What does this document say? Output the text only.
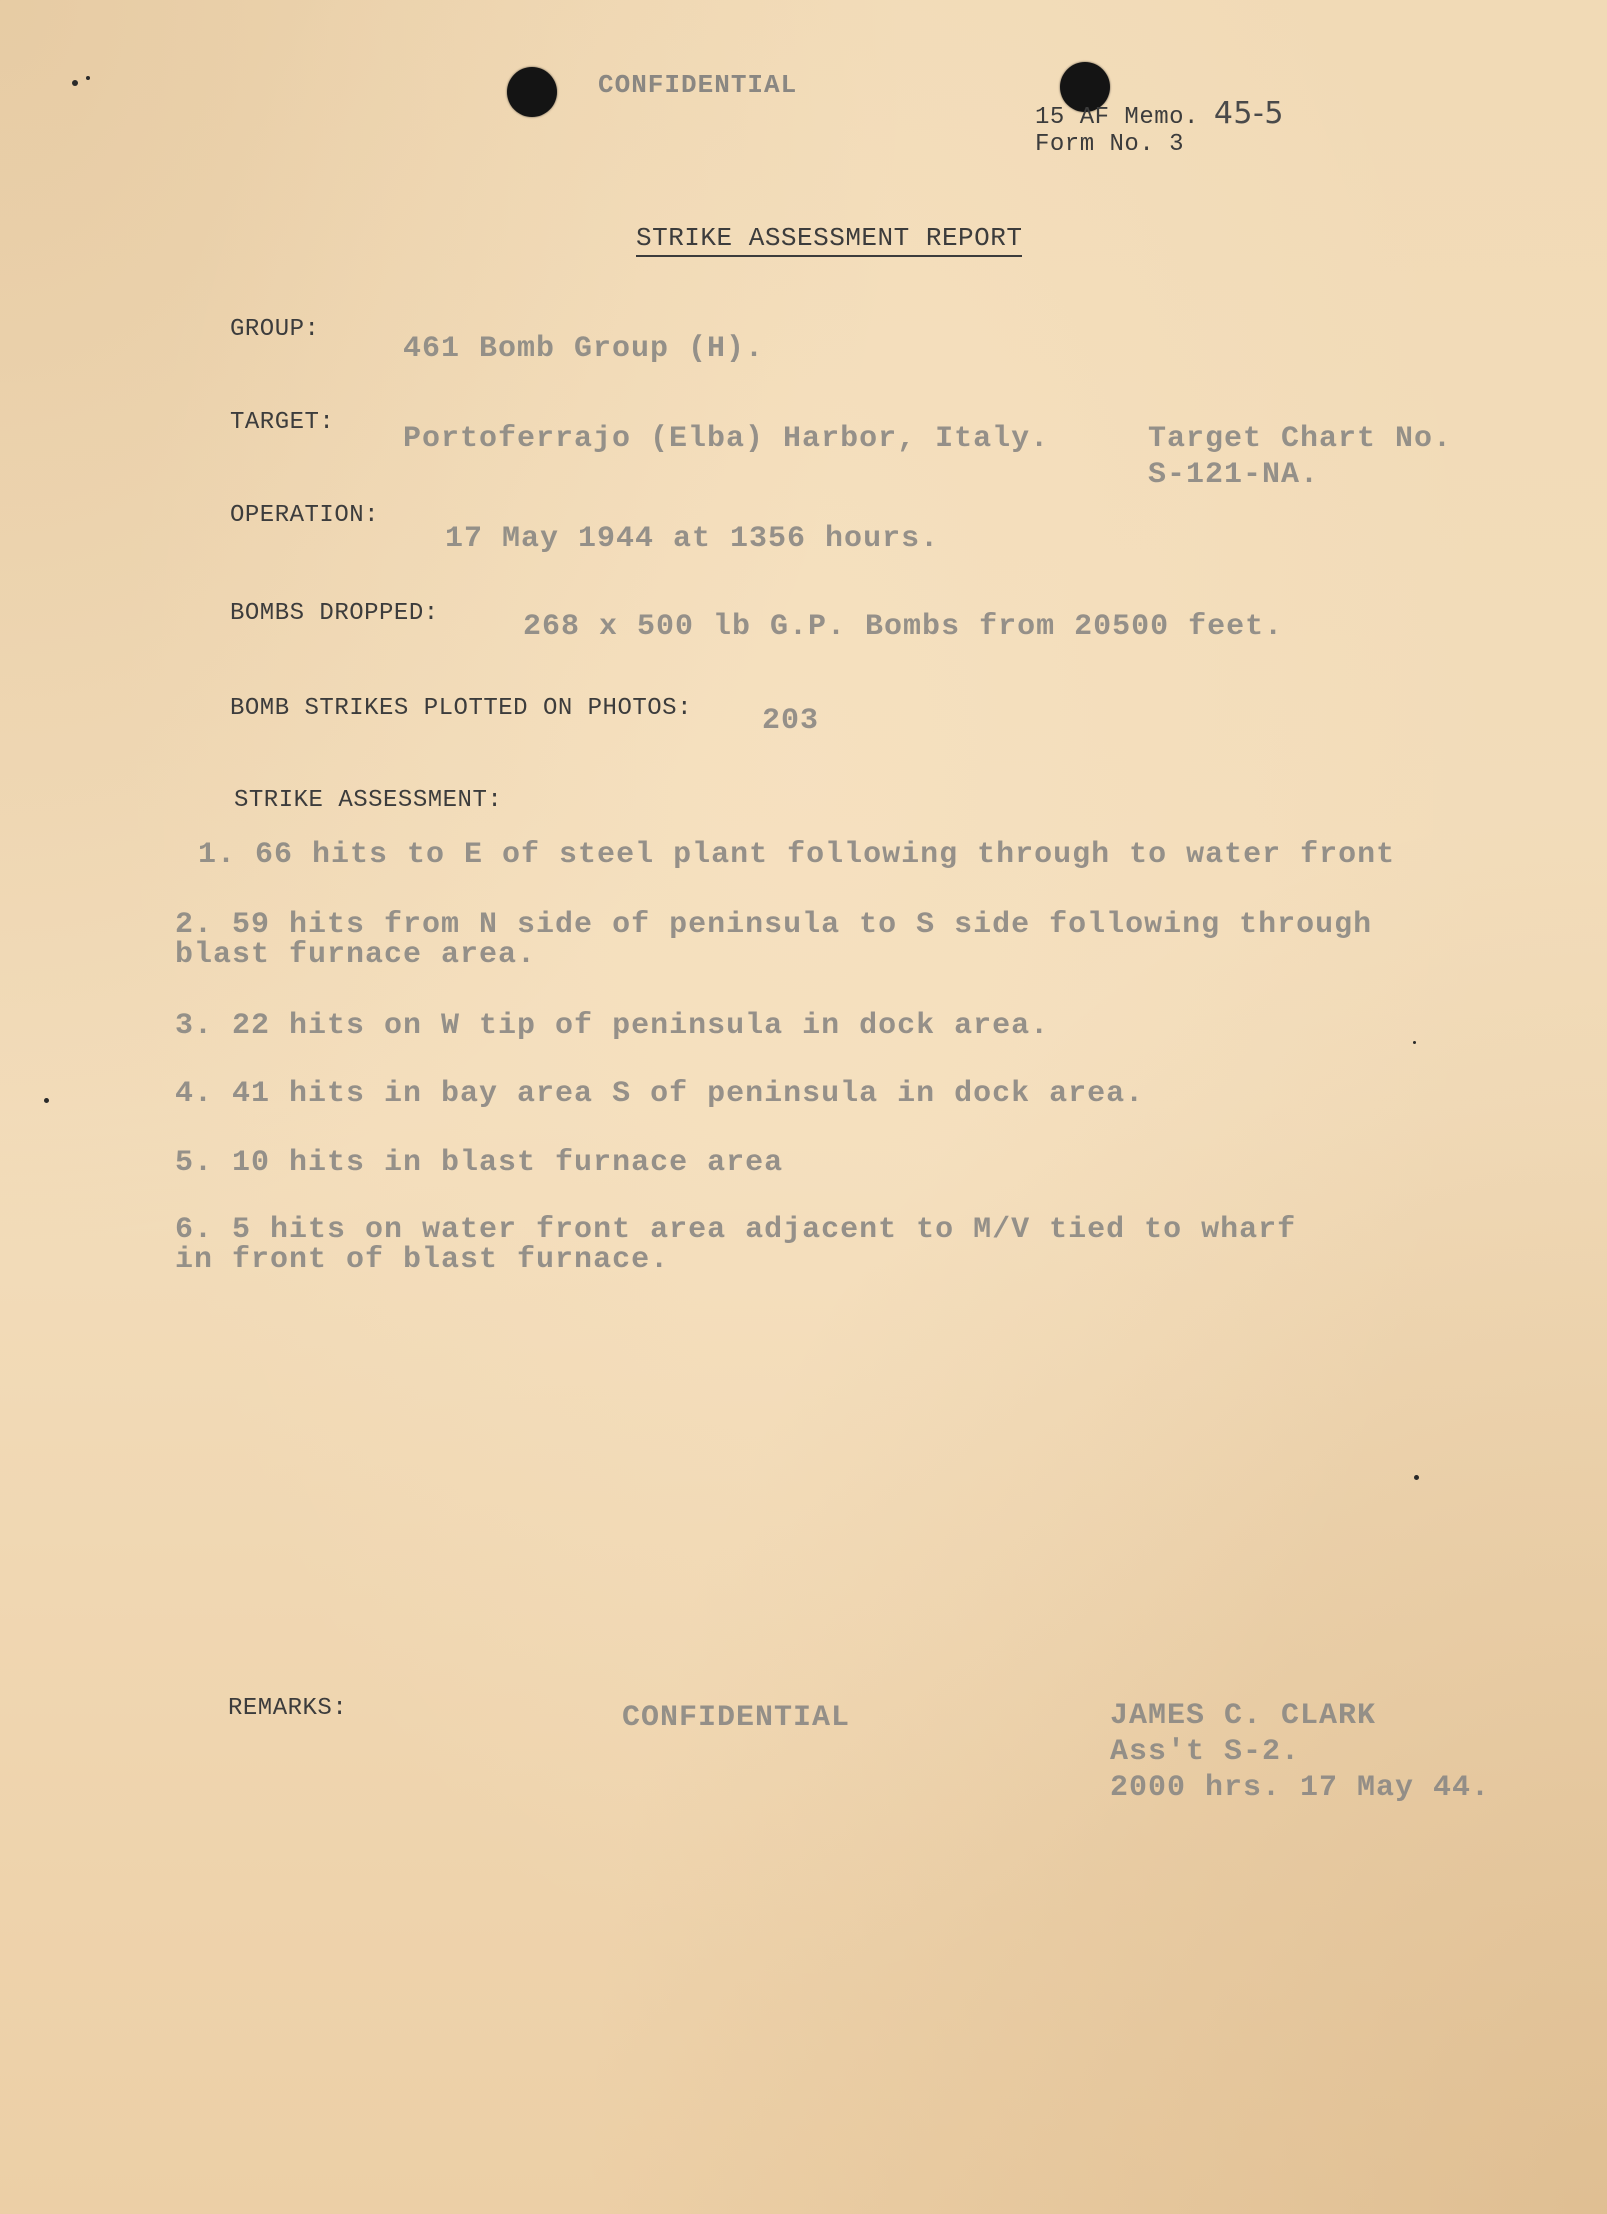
CONFIDENTIAL
15 AF Memo. 45-5
Form No. 3
STRIKE ASSESSMENT REPORT
GROUP:
461 Bomb Group (H).
TARGET: Portoferrajo (Elba) Harbor, Italy.	Target Chart No.
S-121-NA.
OPERATION:
17 May 1944 at 1356 hours.
BOMBS DROPPED:	268 x 500 lb G.P. Bombs from 20500 feet.
BOMB STRIKES PLOTTED ON PHOTOS: 203
STRIKE ASSESSMENT:
1. 66 hits to E of steel plant following through to water front
2. 59 hits from N side of peninsula to S side following through
blast furnace area.
3. 22 hits on W tip of peninsula in dock area.
4. 41 hits in bay area S of peninsula in dock area.
5. 10 hits in blast furnace area
6. 5 hits on water front area adjacent to M/V tied to wharf
in front of blast furnace.
REMARKS:	CONFIDENTIAL	JAMES C. CLARK
Ass't S-2.
2000 hrs. 17 May 44.
